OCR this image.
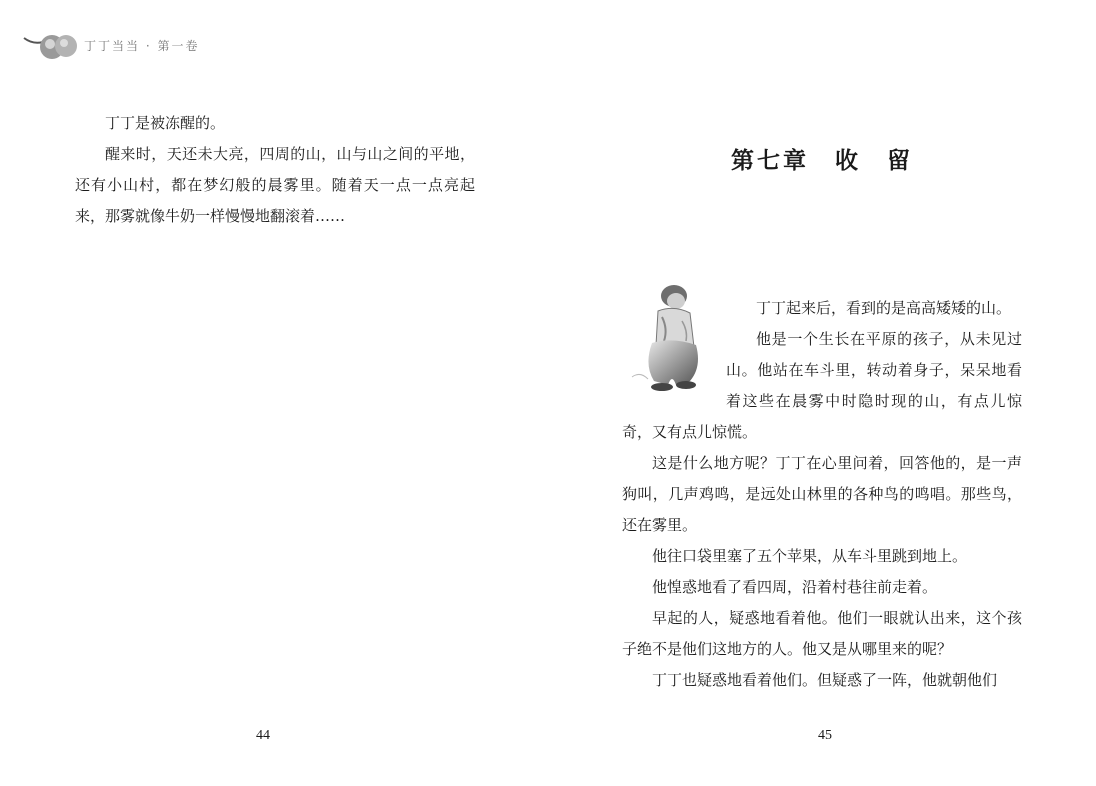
丁丁当当 · 第一卷

丁丁是被冻醒的。

醒来时，天还未大亮，四周的山，山与山之间的平地，还有小山村，都在梦幻般的晨雾里。随着天一点一点亮起来，那雾就像牛奶一样慢慢地翻滚着……

44
第七章 收　留

丁丁起来后，看到的是高高矮矮的山。

他是一个生长在平原的孩子，从未见过山。他站在车斗里，转动着身子，呆呆地看着这些在晨雾中时隐时现的山，有点儿惊奇，又有点儿惊慌。

这是什么地方呢？丁丁在心里问着，回答他的，是一声狗叫，几声鸡鸣，是远处山林里的各种鸟的鸣唱。那些鸟，还在雾里。

他往口袋里塞了五个苹果，从车斗里跳到地上。

他惶惑地看了看四周，沿着村巷往前走着。

早起的人，疑惑地看着他。他们一眼就认出来，这个孩子绝不是他们这地方的人。他又是从哪里来的呢？

丁丁也疑惑地看着他们。但疑惑了一阵，他就朝他们

45
